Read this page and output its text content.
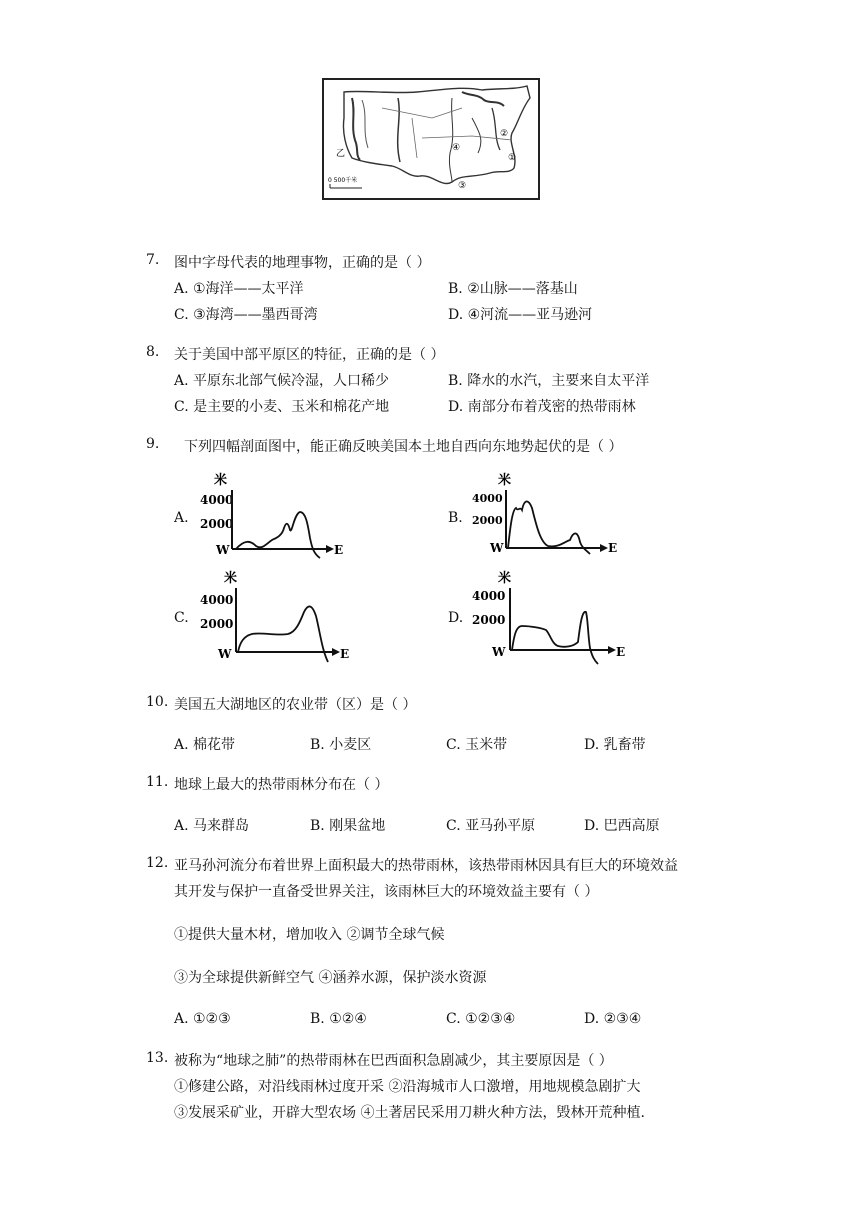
④
②
①
③
乙
0 500千米
7. 图中字母代表的地理事物，正确的是（ ）
A. ①海洋——太平洋	B. ②山脉——落基山
C. ③海湾——墨西哥湾	D. ④河流——亚马逊河
8. 关于美国中部平原区的特征，正确的是（ ）
A. 平原东北部气候冷湿，人口稀少	B. 降水的水汽，主要来自太平洋
C. 是主要的小麦、玉米和棉花产地	D. 南部分布着茂密的热带雨林
9. 下列四幅剖面图中，能正确反映美国本土地自西向东地势起伏的是（ ）
A.
米
4000
2000
W	E
B.
米
4000
2000
W	E
C.
米
4000
2000
W	E
D.
米
4000
2000
W	E
10. 美国五大湖地区的农业带（区）是（ ）
A. 棉花带	B. 小麦区	C. 玉米带	D. 乳畜带
11. 地球上最大的热带雨林分布在（ ）
A. 马来群岛	B. 刚果盆地	C. 亚马孙平原	D. 巴西高原
12. 亚马孙河流分布着世界上面积最大的热带雨林，该热带雨林因具有巨大的环境效益
其开发与保护一直备受世界关注，该雨林巨大的环境效益主要有（ ）
①提供大量木材，增加收入 ②调节全球气候
③为全球提供新鲜空气 ④涵养水源，保护淡水资源
A. ①②③	B. ①②④	C. ①②③④	D. ②③④
13. 被称为“地球之肺”的热带雨林在巴西面积急剧减少，其主要原因是（ ）
①修建公路，对沿线雨林过度开采 ②沿海城市人口激增，用地规模急剧扩大
③发展采矿业，开辟大型农场 ④土著居民采用刀耕火种方法，毁林开荒种植.
